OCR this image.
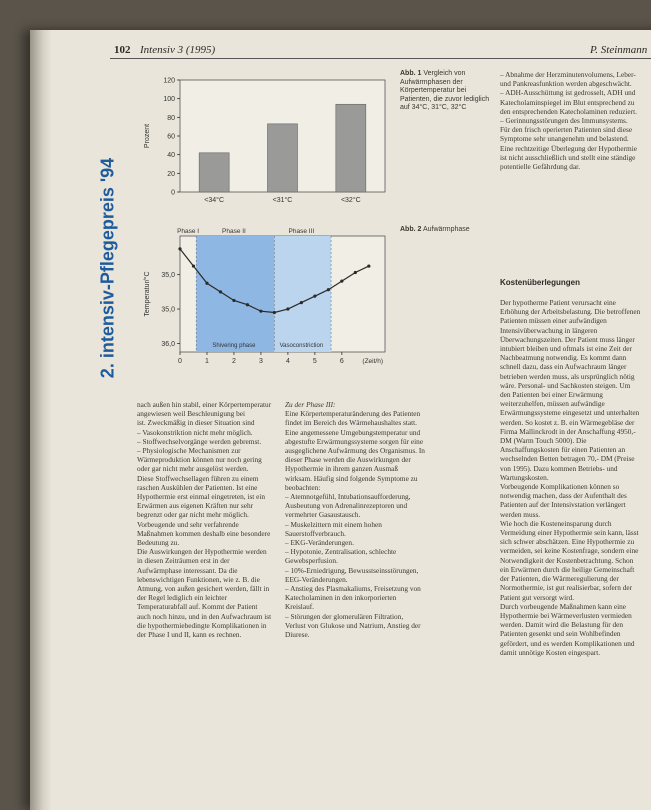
102 Intensiv 3 (1995)	P. Steinmann
2. intensiv-Pflegepreis '94	0
20
40
60
80
100
120
Prozent
<34°C	<31°C	<32°C
Phase I	Phase II	Phase III
Shivering phase	Vasoconstriction
35,0
35,0
36,0
Temperatur/°C
0	1	2	3	4	5	6	(Zeit/h)
Abb. 1 Vergleich von Aufwärmphasen der Körpertemperatur bei Patienten, die zuvor lediglich auf 34°C, 31°C, 32°C
Abb. 2 Aufwärmphase

nach außen hin stabil, einer Körpertemperatur angewiesen weil Beschleunigung bei

ist. Zweckmäßig in dieser Situation sind

– Vasokonstriktion nicht mehr möglich.

– Stoffwechselvorgänge werden gebremst.

– Physiologische Mechanismen zur Wärmeproduktion können nur noch gering oder gar nicht mehr ausgelöst werden.

Diese Stoffwechsellagen führen zu einem raschen Auskühlen der Patienten. Ist eine Hypothermie erst einmal eingetreten, ist ein Erwärmen aus eigenen Kräften nur sehr begrenzt oder gar nicht mehr möglich. Vorbeugende und sehr verfahrende Maßnahmen kommen deshalb eine besondere Bedeutung zu.

Die Auswirkungen der Hypothermie werden in diesen Zeiträumen erst in der Aufwärmphase interessant. Da die lebenswichtigen Funktionen, wie z. B. die Atmung, von außen gesichert werden, fällt in der Regel lediglich ein leichter Temperaturabfall auf. Kommt der Patient auch noch hinzu, und in den Aufwachraum ist die hypothermiebedingte Komplikationen in der Phase I und II, kann es rechnen.

Zu der Phase III:

Eine Körpertemperaturänderung des Patienten findet im Bereich des Wärmehaushaltes statt. Eine angemessene Umgebungstemperatur und abgestufte Erwärmungssysteme sorgen für eine ausgeglichene Aufwärmung des Organismus. In dieser Phase werden die Auswirkungen der Hypothermie in ihrem ganzen Ausmaß wirksam. Häufig sind folgende Symptome zu beobachten:

– Atemnotgefühl, Intubationsaufforderung, Ausbeutung von Adrenalinrezeptoren und vermehrter Gasaustausch.

– Muskelzittern mit einem hohen Sauerstoffverbrauch.

– EKG-Veränderungen.

– Hypotonie, Zentralisation, schlechte Gewebsperfusion.

– 10%-Erniedrigung, Bewusstseinsstörungen, EEG-Veränderungen.

– Anstieg des Plasmakaliums, Freisetzung von Katecholaminen in den inkorporierten Kreislauf.

– Störungen der glomerulären Filtration, Verlust von Glukose und Natrium, Anstieg der Diurese.

– Abnahme der Herzminutenvolumens, Leber- und Pankreasfunktion werden abgeschwächt.

– ADH-Ausschüttung ist gedrosselt, ADH und Katecholaminspiegel im Blut entsprechend zu den entsprechenden Katecholaminen reduziert.

– Gerinnungsstörungen des Immunsystems.

Für den frisch operierten Patienten sind diese Symptome sehr unangenehm und belastend. Eine rechtzeitige Überlegung der Hypothermie ist nicht ausschließlich und stellt eine ständige potentielle Gefährdung dar.

Kostenüberlegungen

Der hypotherme Patient verursacht eine Erhöhung der Arbeitsbelastung. Die betroffenen Patienten müssen einer aufwändigen Intensivüberwachung in längeren Überwachungszeiten. Der Patient muss länger intubiert bleiben und oftmals ist eine Zeit der Nachbeatmung notwendig. Es kommt dann schnell dazu, dass ein Aufwachraum länger betrieben werden muss, als ursprünglich nötig wäre. Personal- und Sachkosten steigen. Um den Patienten bei einer Erwärmung weiterzuhelfen, müssen aufwändige Erwärmungssysteme eingesetzt und unterhalten werden. So kostet z. B. ein Wärmegebläse der Firma Mallinckrodt in der Anschaffung 4950,- DM (Warm Touch 5000). Die Anschaffungskosten für einen Patienten an wechselnden Betten betragen 70,- DM (Preise von 1995). Dazu kommen Betriebs- und Wartungskosten.

Vorbeugende Komplikationen können so notwendig machen, dass der Aufenthalt des Patienten auf der Intensivstation verlängert werden muss.

Wie hoch die Kosteneinsparung durch Vermeidung einer Hypothermie sein kann, lässt sich schwer abschätzen. Eine Hypothermie zu vermeiden, sei keine Kostenfrage, sondern eine Notwendigkeit der Kostenbetrachtung. Schon ein Erwärmen durch die heilige Gemeinschaft der Patienten, die Wärmeregulierung der Normothermie, ist gut realisierbar, sofern der Patient gut versorgt wird.

Durch vorbeugende Maßnahmen kann eine Hypothermie bei Wärmeverlusten vermieden werden. Damit wird die Belastung für den Patienten gesenkt und sein Wohlbefinden gefördert, und es werden Komplikationen und damit unnötige Kosten eingespart.
